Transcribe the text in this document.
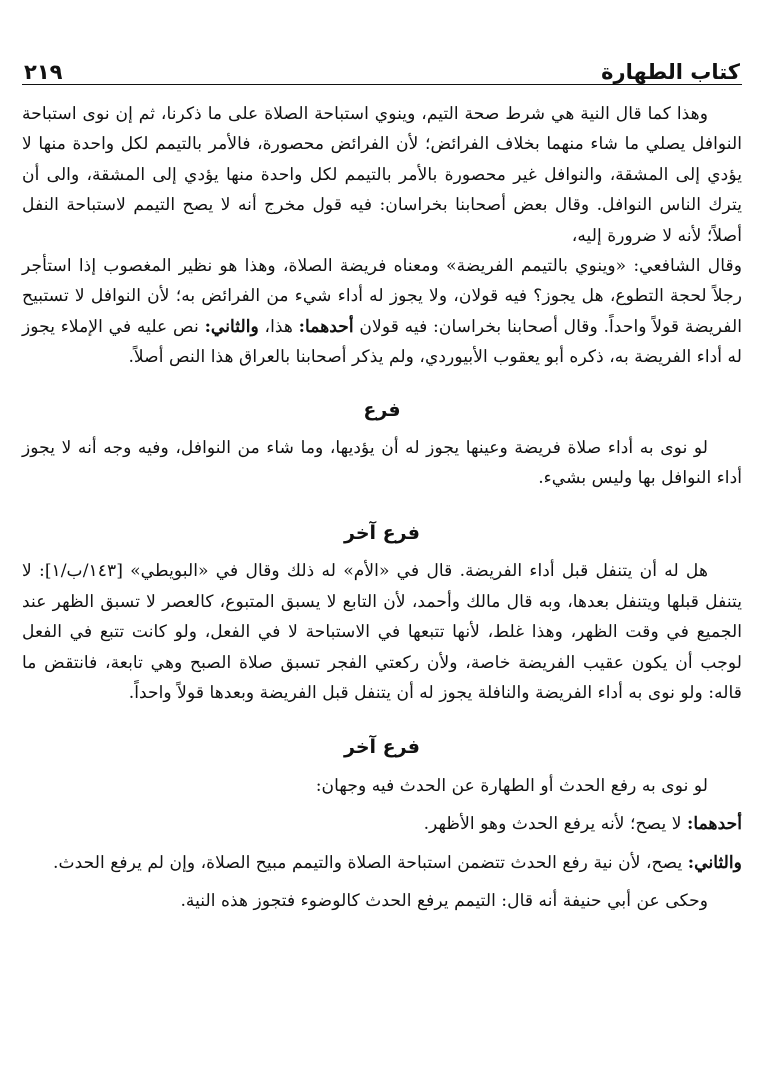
كتاب الطهارة
٢١٩

وهذا كما قال النية هي شرط صحة التيم، وينوي استباحة الصلاة على ما ذكرنا، ثم إن نوى استباحة النوافل يصلي ما شاء منهما بخلاف الفرائض؛ لأن الفرائض محصورة، فالأمر بالتيمم لكل واحدة منها لا يؤدي إلى المشقة، والنوافل غير محصورة بالأمر بالتيمم لكل واحدة منها يؤدي إلى المشقة، والى أن يترك الناس النوافل. وقال بعض أصحابنا بخراسان: فيه قول مخرج أنه لا يصح التيمم لاستباحة النفل أصلاً؛ لأنه لا ضرورة إليه،

وقال الشافعي: «وينوي بالتيمم الفريضة» ومعناه فريضة الصلاة، وهذا هو نظير المغصوب إذا استأجر رجلاً لحجة التطوع، هل يجوز؟ فيه قولان، ولا يجوز له أداء شيء من الفرائض به؛ لأن النوافل لا تستبيح الفريضة قولاً واحداً. وقال أصحابنا بخراسان: فيه قولان أحدهما: هذا، والثاني: نص عليه في الإملاء يجوز له أداء الفريضة به، ذكره أبو يعقوب الأبيوردي، ولم يذكر أصحابنا بالعراق هذا النص أصلاً.

فرع

لو نوى به أداء صلاة فريضة وعينها يجوز له أن يؤديها، وما شاء من النوافل، وفيه وجه أنه لا يجوز أداء النوافل بها وليس بشيء.

فرع آخر

هل له أن يتنفل قبل أداء الفريضة. قال في «الأم» له ذلك وقال في «البويطي» [١٤٣/ب/١]: لا يتنفل قبلها ويتنفل بعدها، وبه قال مالك وأحمد، لأن التابع لا يسبق المتبوع، كالعصر لا تسبق الظهر عند الجميع في وقت الظهر، وهذا غلط، لأنها تتبعها في الاستباحة لا في الفعل، ولو كانت تتبع في الفعل لوجب أن يكون عقيب الفريضة خاصة، ولأن ركعتي الفجر تسبق صلاة الصبح وهي تابعة، فانتقض ما قاله: ولو نوى به أداء الفريضة والنافلة يجوز له أن يتنفل قبل الفريضة وبعدها قولاً واحداً.

فرع آخر

لو نوى به رفع الحدث أو الطهارة عن الحدث فيه وجهان:

أحدهما: لا يصح؛ لأنه يرفع الحدث وهو الأظهر.

والثاني: يصح، لأن نية رفع الحدث تتضمن استباحة الصلاة والتيمم مبيح الصلاة، وإن لم يرفع الحدث.

وحكى عن أبي حنيفة أنه قال: التيمم يرفع الحدث كالوضوء فتجوز هذه النية.
